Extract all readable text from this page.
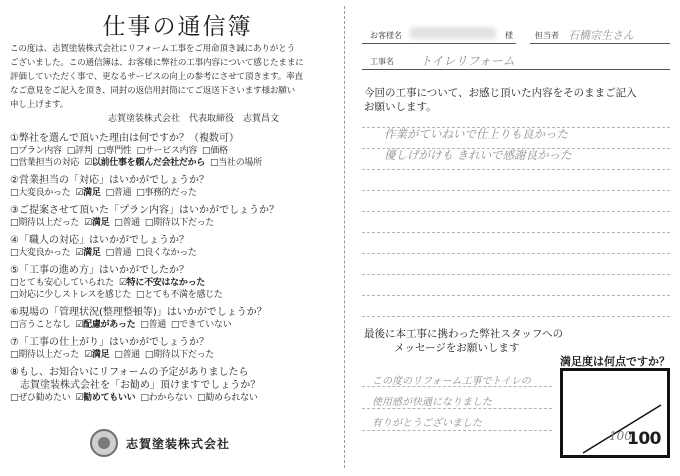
仕事の通信簿
この度は、志賀塗装株式会社にリフォーム工事をご用命頂き誠にありがとう
ございました。この通信簿は、お客様に弊社の工事内容について感じたままに
評価していただく事で、更なるサービスの向上の参考にさせて頂きます。率直
なご意見をご記入を頂き、同封の返信用封筒にてご返送下さいます様お願い
申し上げます。
志賀塗装株式会社　代表取締役　志賀昌文
①弊社を選んで頂いた理由は何ですか？（複数可）
□プラン内容 □評判 □専門性 □サービス内容 □価格
□営業担当の対応 ☑以前仕事を頼んだ会社だから □当社の場所
②営業担当の「対応」はいかがでしょうか？
□大変良かった ☑満足 □普通 □事務的だった
③ご提案させて頂いた「プラン内容」はいかがでしょうか？
□期待以上だった ☑満足 □普通 □期待以下だった
④「職人の対応」はいかがでしょうか？
□大変良かった ☑満足 □普通 □良くなかった
⑤「工事の進め方」はいかがでしたか？
□とても安心していられた ☑特に不安はなかった
□対応に少しストレスを感じた □とても不満を感じた
⑥現場の「管理状況(整理整頓等)」はいかがでしょうか？
□言うことなし ☑配慮があった □普通 □できていない
⑦「工事の仕上がり」はいかがでしょうか？
□期待以上だった ☑満足 □普通 □期待以下だった
⑧もし、お知合いにリフォームの予定がありましたら
志賀塗装株式会社を「お勧め」頂けますでしょうか？
□ぜひ勧めたい ☑勧めてもいい □わからない □勧められない
志賀塗装株式会社
お客様名	様	担当者 石橋宗生さん
工事名 トイレリフォーム
今回の工事について、お感じ頂いた内容をそのままご記入
お願いします。
作業がていねいで仕上りも良かった
優しげがけも きれいで感謝良かった
最後に本工事に携わった弊社スタッフへの
メッセージをお願いします
この度のリフォーム工事でトイレの
使用感が快適になりました
有りがとうございました
満足度は何点ですか？
100
100
